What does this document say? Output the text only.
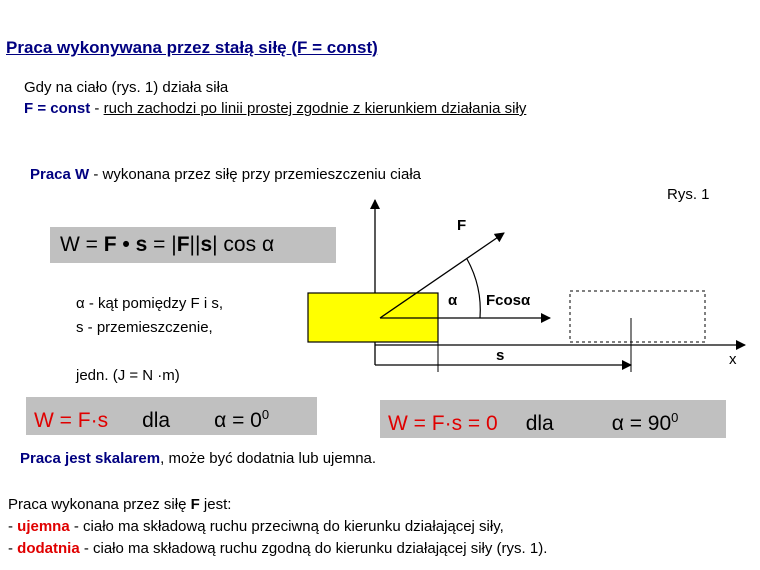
Praca wykonywana przez stałą siłę (F = const)
Gdy na ciało (rys. 1) działa siła
F = const - ruch zachodzi po linii prostej zgodnie z kierunkiem działania siły
Praca W - wykonana przez siłę przy przemieszczeniu ciała
Rys. 1
W = F • s = |F||s| cos α
α - kąt pomiędzy F i s,
s - przemieszczenie,
jedn. (J = N ·m)
W = F·s dla $\alpha = 0^0$	W = F·s = 0 dla	$\alpha = 90^0$
Praca jest skalarem, może być dodatnia lub ujemna.
Praca wykonana przez siłę F jest:
- ujemna - ciało ma składową ruchu przeciwną do kierunku działającej siły,
- dodatnia - ciało ma składową ruchu zgodną do kierunku działającej siły (rys. 1).
F
α Fcosα
s	x
